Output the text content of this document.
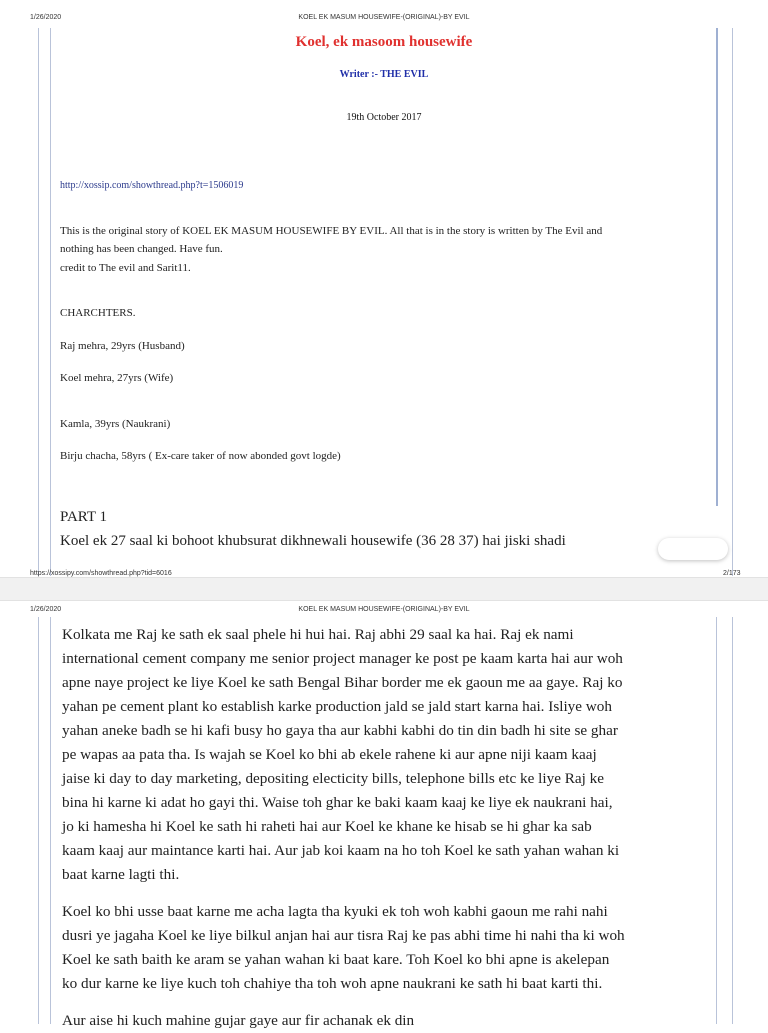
1/26/2020	KOEL EK MASUM HOUSEWIFE-(ORIGINAL)-BY EVIL
Koel, ek masoom housewife
Writer :- THE EVIL
19th October 2017
http://xossip.com/showthread.php?t=1506019
This is the original story of KOEL EK MASUM HOUSEWIFE BY EVIL. All that is in the story is written by The Evil and
nothing has been changed. Have fun.
credit to The evil and Sarit11.
CHARCHTERS.
Raj mehra, 29yrs (Husband)
Koel mehra, 27yrs (Wife)
Kamla, 39yrs (Naukrani)
Birju chacha, 58yrs ( Ex-care taker of now abonded govt logde)
PART 1
Koel ek 27 saal ki bohoot khubsurat dikhnewali housewife (36 28 37) hai jiski shadi
https://xossipy.com/showthread.php?tid=6016	2/173
1/26/2020	KOEL EK MASUM HOUSEWIFE-(ORIGINAL)-BY EVIL
Kolkata me Raj ke sath ek saal phele hi hui hai. Raj abhi 29 saal ka hai. Raj ek nami
international cement company me senior project manager ke post pe kaam karta hai aur woh
apne naye project ke liye Koel ke sath Bengal Bihar border me ek gaoun me aa gaye. Raj ko
yahan pe cement plant ko establish karke production jald se jald start karna hai. Isliye woh
yahan aneke badh se hi kafi busy ho gaya tha aur kabhi kabhi do tin din badh hi site se ghar
pe wapas aa pata tha. Is wajah se Koel ko bhi ab ekele rahene ki aur apne niji kaam kaaj
jaise ki day to day marketing, depositing electicity bills, telephone bills etc ke liye Raj ke
bina hi karne ki adat ho gayi thi. Waise toh ghar ke baki kaam kaaj ke liye ek naukrani hai,
jo ki hamesha hi Koel ke sath hi raheti hai aur Koel ke khane ke hisab se hi ghar ka sab
kaam kaaj aur maintance karti hai. Aur jab koi kaam na ho toh Koel ke sath yahan wahan ki
baat karne lagti thi.
Koel ko bhi usse baat karne me acha lagta tha kyuki ek toh woh kabhi gaoun me rahi nahi
dusri ye jagaha Koel ke liye bilkul anjan hai aur tisra Raj ke pas abhi time hi nahi tha ki woh
Koel ke sath baith ke aram se yahan wahan ki baat kare. Toh Koel ko bhi apne is akelepan
ko dur karne ke liye kuch toh chahiye tha toh woh apne naukrani ke sath hi baat karti thi.
Aur aise hi kuch mahine gujar gaye aur fir achanak ek din
